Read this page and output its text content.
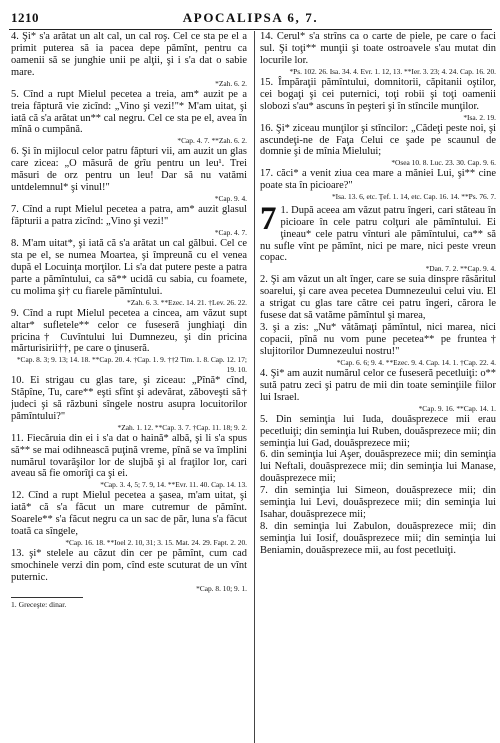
1210	APOCALIPSA 6, 7.

4. Şi* s'a arătat un alt cal, un cal roş. Cel ce sta pe el a primit puterea să ia pacea depe pămînt, pentru ca oamenii să se junghie unii pe alţii, şi i s'a dat o sabie mare.

*Zah. 6. 2.

5. Cînd a rupt Mielul pecetea a treia, am* auzit pe a treia făptură vie zicînd: „Vino şi vezi!"* M'am uitat, şi iată că s'a arătat un** cal negru. Cel ce sta pe el, avea în mînă o cumpănă.

*Cap. 4. 7. **Zah. 6. 2.

6. Şi în mijlocul celor patru făpturi vii, am auzit un glas care zicea: „O măsură de grîu pentru un leu¹. Trei măsuri de orz pentru un leu! Dar să nu vatămi untdelemnul* şi vinul!"

*Cap. 9. 4.

7. Cînd a rupt Mielul pecetea a patra, am* auzit glasul făpturii a patra zicînd: „Vino şi vezi!"

*Cap. 4. 7.

8. M'am uitat*, şi iată că s'a arătat un cal gălbui. Cel ce sta pe el, se numea Moartea, şi împreună cu el venea după el Locuinţa morţilor. Li s'a dat putere peste a patra parte a pămîntului, ca să** ucidă cu sabia, cu foamete, cu molima şi† cu fiarele pămîntului.

*Zah. 6. 3. **Ezec. 14. 21. †Lev. 26. 22.

9. Cînd a rupt Mielul pecetea a cincea, am văzut supt altar* sufletele** celor ce fuseseră junghiaţi din pricina† Cuvîntului lui Dumnezeu, şi din pricina mărturisirii††, pe care o ţinuseră.

*Cap. 8. 3; 9. 13; 14. 18. **Cap. 20. 4. †Cap. 1. 9. ††2 Tim. 1. 8. Cap. 12. 17; 19. 10.

10. Ei strigau cu glas tare, şi ziceau: „Pînă* cînd, Stăpîne, Tu, care** eşti sfînt şi adevărat, zăboveşti să† judeci şi să răzbuni sîngele nostru asupra locuitorilor pămîntului?"

*Zah. 1. 12. **Cap. 3. 7. †Cap. 11. 18; 9. 2.

11. Fiecăruia din ei i s'a dat o haină* albă, şi li s'a spus să** se mai odihnească puţină vreme, pînă se va împlini numărul tovarăşilor lor de slujbă şi al fraţilor lor, cari aveau să fie omorîţi ca şi ei.

*Cap. 3. 4, 5; 7. 9, 14. **Evr. 11. 40. Cap. 14. 13.

12. Cînd a rupt Mielul pecetea a şasea, m'am uitat, şi iată* că s'a făcut un mare cutremur de pămînt. Soarele** s'a făcut negru ca un sac de păr, luna s'a făcut toată ca sîngele,

*Cap. 16. 18. **Ioel 2. 10, 31; 3. 15. Mat. 24. 29. Fapt. 2. 20.

13. şi* stelele au căzut din cer pe pămînt, cum cad smochinele verzi din pom, cînd este scuturat de un vînt puternic.

*Cap. 8. 10; 9. 1.

1. Greceşte: dinar.

14. Cerul* s'a strîns ca o carte de piele, pe care o faci sul. Şi toţi** munţii şi toate ostroavele s'au mutat din locurile lor.

*Ps. 102. 26. Isa. 34. 4. Evr. 1. 12, 13. **Ier. 3. 23; 4. 24. Cap. 16. 20.

15. Împăraţii pămîntului, domnitorii, căpitanii oştilor, cei bogaţi şi cei puternici, toţi robii şi toţi oamenii slobozi s'au* ascuns în peşteri şi în stîncile munţilor.

*Isa. 2. 19.

16. Şi* ziceau munţilor şi stîncilor: „Cădeţi peste noi, şi ascundeţi-ne de Faţa Celui ce şade pe scaunul de domnie şi de mînia Mielului;

*Osea 10. 8. Luc. 23. 30. Cap. 9. 6.

17. căci* a venit ziua cea mare a măniei Lui, şi** cine poate sta în picioare?"

*Isa. 13. 6, etc. Ţef. 1. 14, etc. Cap. 16. 14. **Ps. 76. 7.

7 1. După aceea am văzut patru îngeri, cari stăteau în picioare în cele patru colţuri ale pămîntului. Ei ţineau* cele patru vînturi ale pămîntului, ca** să nu sufle vînt pe pămînt, nici pe mare, nici peste vreun copac.

*Dan. 7. 2. **Cap. 9. 4.

2. Şi am văzut un alt înger, care se suia dinspre răsăritul soarelui, şi care avea pecetea Dumnezeului celui viu. El a strigat cu glas tare către cei patru îngeri, cărora le fusese dat să vatăme pămîntul şi marea,

3. şi a zis: „Nu* vătămaţi pămîntul, nici marea, nici copacii, pînă nu vom pune pecetea** pe fruntea† slujitorilor Dumnezeului nostru!"

*Cap. 6. 6; 9. 4. **Ezec. 9. 4. Cap. 14. 1. †Cap. 22. 4.

4. Şi* am auzit numărul celor ce fuseseră pecetluiţi: o** sută patru zeci şi patru de mii din toate seminţiile fiilor lui Israel.

*Cap. 9. 16. **Cap. 14. 1.

5. Din seminţia lui Iuda, douăsprezece mii erau pecetluiţi; din seminţia lui Ruben, douăsprezece mii; din seminţia lui Gad, douăsprezece mii;

6. din seminţia lui Aşer, douăsprezece mii; din seminţia lui Neftali, douăsprezece mii; din seminţia lui Manase, douăsprezece mii;

7. din seminţia lui Simeon, douăsprezece mii; din seminţia lui Levi, douăsprezece mii; din seminţia lui Isahar, douăsprezece mii;

8. din seminţia lui Zabulon, douăsprezece mii; din seminţia lui Iosif, douăsprezece mii; din seminţia lui Beniamin, douăsprezece mii, au fost pecetluiţi.
